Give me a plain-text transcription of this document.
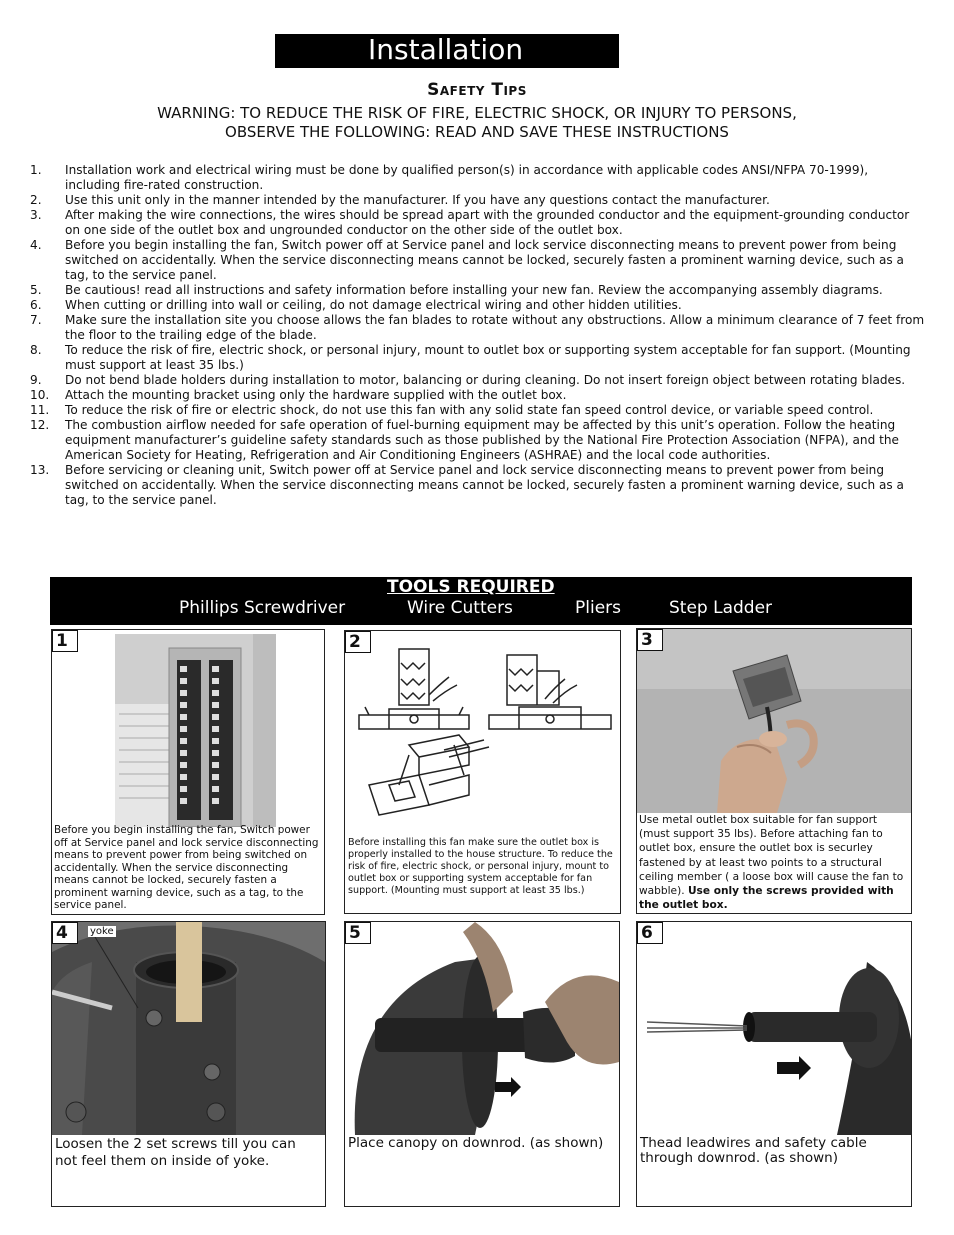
Installation
Safety Tips
WARNING: TO REDUCE THE RISK OF FIRE, ELECTRIC SHOCK, OR INJURY TO PERSONS,
OBSERVE THE FOLLOWING: READ AND SAVE THESE INSTRUCTIONS
1. Installation work and electrical wiring must be done by qualified person(s) in accordance with applicable codes ANSI/NFPA 70-1999), including fire-rated construction.
2. Use this unit only in the manner intended by the manufacturer. If you have any questions contact the manufacturer.
3. After making the wire connections, the wires should be spread apart with the grounded conductor and the equipment-grounding conductor on one side of the outlet box and ungrounded conductor on the other side of the outlet box.
4. Before you begin installing the fan, Switch power off at Service panel and lock service disconnecting means to prevent power from being switched on accidentally. When the service disconnecting means cannot be locked, securely fasten a prominent warning device, such as a tag, to the service panel.
5. Be cautious! read all instructions and safety information before installing your new fan. Review the accompanying assembly diagrams.
6. When cutting or drilling into wall or ceiling, do not damage electrical wiring and other hidden utilities.
7. Make sure the installation site you choose allows the fan blades to rotate without any obstructions. Allow a minimum clearance of 7 feet from the floor to the trailing edge of the blade.
8. To reduce the risk of fire, electric shock, or personal injury, mount to outlet box or supporting system acceptable for fan support. (Mounting must support at least 35 lbs.)
9. Do not bend blade holders during installation to motor, balancing or during cleaning. Do not insert foreign object between rotating blades.
10. Attach the mounting bracket using only the hardware supplied with the outlet box.
11. To reduce the risk of fire or electric shock, do not use this fan with any solid state fan speed control device, or variable speed control.
12. The combustion airflow needed for safe operation of fuel-burning equipment may be affected by this unit’s operation. Follow the heating equipment manufacturer’s guideline safety standards such as those published by the National Fire Protection Association (NFPA), and the American Society for Heating, Refrigeration and Air Conditioning Engineers (ASHRAE) and the local code authorities.
13. Before servicing or cleaning unit, Switch power off at Service panel and lock service disconnecting means to prevent power from being switched on accidentally. When the service disconnecting means cannot be locked, securely fasten a prominent warning device, such as a tag, to the service panel.
TOOLS REQUIRED
Phillips Screwdriver	Wire Cutters	Pliers	Step Ladder
1
Before you begin installing the fan, Switch power off at Service panel and lock service disconnecting means to prevent power from being switched on accidentally. When the service disconnecting means cannot be locked, securely fasten a prominent warning device, such as a tag, to the service panel.
2
Before installing this fan make sure the outlet box is properly installed to the house structure. To reduce the risk of fire, electric shock, or personal injury, mount to outlet box or supporting system acceptable for fan support. (Mounting must support at least 35 lbs.)
3
Use metal outlet box suitable for fan support (must support 35 lbs). Before attaching fan to outlet box, ensure the outlet box is securley fastened by at least two points to a structural ceiling member ( a loose box will cause the fan to wabble). Use only the screws provided with the outlet box.
4	yoke
Loosen the 2 set screws till you can not feel them on inside of yoke.
5
Place canopy on downrod. (as shown)
6
Thead leadwires and safety cable through downrod. (as shown)
